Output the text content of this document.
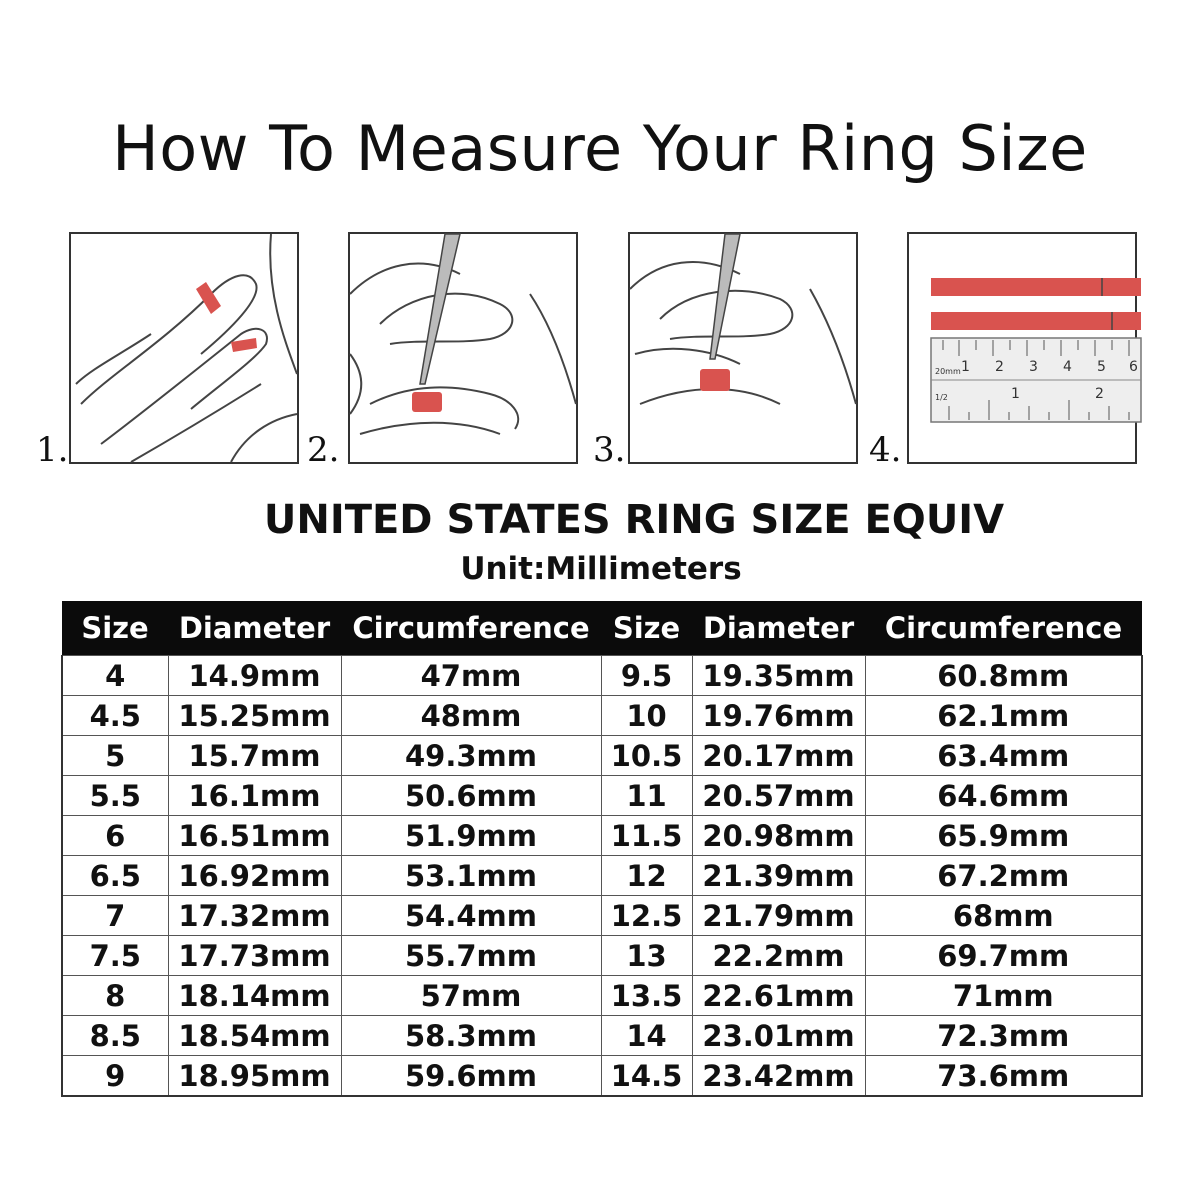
How To Measure Your Ring Size
1.	2.	3.	4.
20mm 1 2 3 4 5 6
1/2	1	2
UNITED STATES RING SIZE EQUIV
Unit:Millimeters
Size	Diameter	Circumference	Size	Diameter	Circumference
4	14.9mm	47mm	9.5	19.35mm	60.8mm
4.5	15.25mm	48mm	10	19.76mm	62.1mm
5	15.7mm	49.3mm	10.5	20.17mm	63.4mm
5.5	16.1mm	50.6mm	11	20.57mm	64.6mm
6	16.51mm	51.9mm	11.5	20.98mm	65.9mm
6.5	16.92mm	53.1mm	12	21.39mm	67.2mm
7	17.32mm	54.4mm	12.5	21.79mm	68mm
7.5	17.73mm	55.7mm	13	22.2mm	69.7mm
8	18.14mm	57mm	13.5	22.61mm	71mm
8.5	18.54mm	58.3mm	14	23.01mm	72.3mm
9	18.95mm	59.6mm	14.5	23.42mm	73.6mm
